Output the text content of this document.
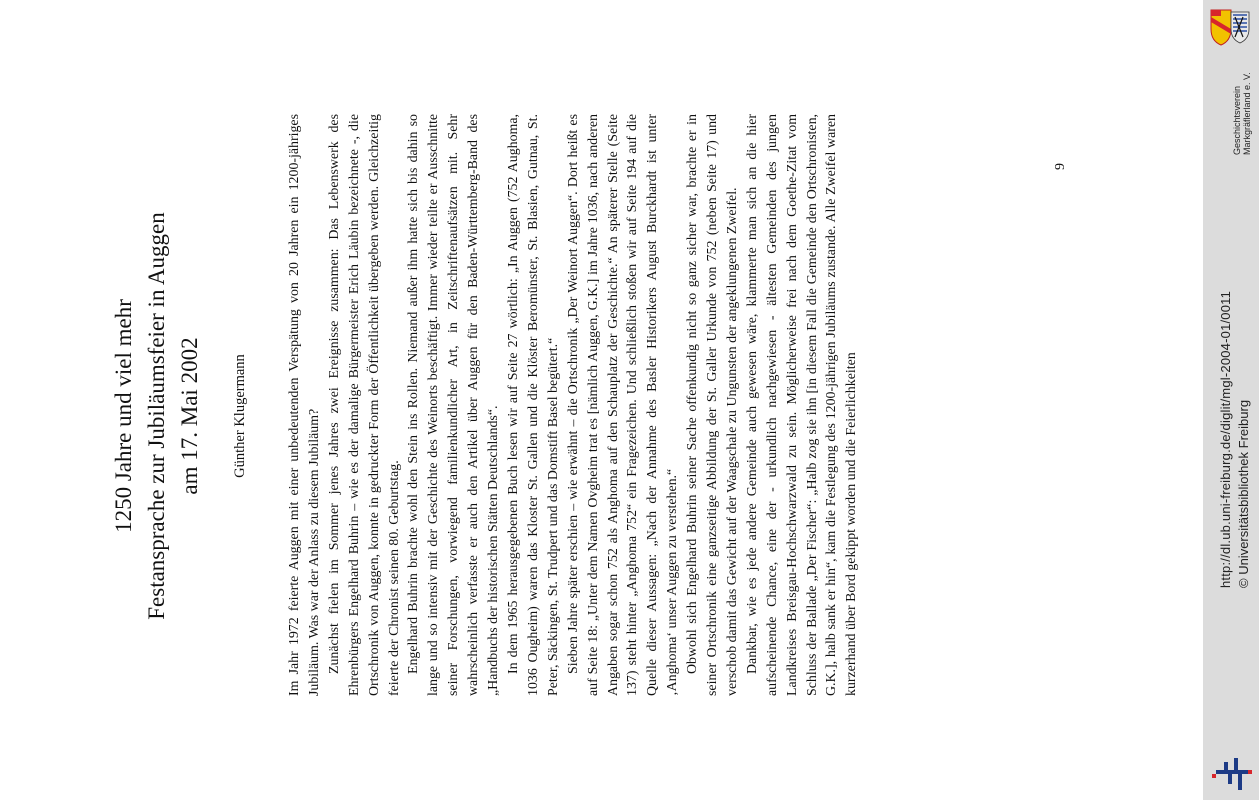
1250 Jahre und viel mehr Festansprache zur Jubiläumsfeier in Auggen am 17. Mai 2002 Günther Klugermann	Im Jahr 1972 feierte Auggen mit einer unbedeutenden Verspätung von 20 Jahren ein 1200-jähriges Jubiläum. Was war der Anlass zu diesem Jubiläum? Zunächst fielen im Sommer jenes Jahres zwei Ereignisse zusammen: Das Lebenswerk des Ehrenbürgers Engelhard Buhrin – wie es der damalige Bürgermeister Erich Läubin bezeichnete -, die Ortschronik von Auggen, konnte in gedruckter Form der Öffentlichkeit übergeben werden. Gleichzeitig feierte der Chronist seinen 80. Geburtstag. Engelhard Buhrin brachte wohl den Stein ins Rollen. Niemand außer ihm hatte sich bis dahin so lange und so intensiv mit der Geschichte des Weinorts beschäftigt. Immer wieder teilte er Ausschnitte seiner Forschungen, vorwiegend familienkundlicher Art, in Zeitschriftenaufsätzen mit. Sehr wahrscheinlich verfasste er auch den Artikel über Auggen für den Baden-Württemberg-Band des „Handbuchs der historischen Stätten Deutschlands“. In dem 1965 herausgegebenen Buch lesen wir auf Seite 27 wörtlich: „In Auggen (752 Aughoma, 1036 Ougheim) waren das Kloster St. Gallen und die Klöster Beromünster, St. Blasien, Gutnau, St. Peter, Säckingen, St. Trudpert und das Domstift Basel begütert.“ Sieben Jahre später erschien – wie erwähnt – die Ortschronik „Der Weinort Auggen“. Dort heißt es auf Seite 18: „Unter dem Namen Ovgheim trat es [nämlich Auggen, G.K.] im Jahre 1036, nach anderen Angaben sogar schon 752 als Anghoma auf den Schauplatz der Geschichte.“ An späterer Stelle (Seite 137) steht hinter „Anghoma 752“ ein Fragezeichen. Und schließlich stoßen wir auf Seite 194 auf die Quelle dieser Aussagen: „Nach der Annahme des Basler Historikers August Burckhardt ist unter ‚Anghoma‘ unser Auggen zu verstehen.“ Obwohl sich Engelhard Buhrin seiner Sache offenkundig nicht so ganz sicher war, brachte er in seiner Ortschronik eine ganzseitige Abbildung der St. Galler Urkunde von 752 (neben Seite 17) und verschob damit das Gewicht auf der Waagschale zu Ungunsten der angeklungenen Zweifel. Dankbar, wie es jede andere Gemeinde auch gewesen wäre, klammerte man sich an die hier aufscheinende Chance, eine der - urkundlich nachgewiesen - ältesten Gemeinden des jungen Landkreises Breisgau-Hochschwarzwald zu sein. Möglicherweise frei nach dem Goethe-Zitat vom Schluss der Ballade „Der Fischer“: „Halb zog sie ihn [in diesem Fall die Gemeinde den Ortschronisten, G.K.], halb sank er hin“, kam die Festlegung des 1200-jährigen Jubiläums zustande. Alle Zweifel waren kurzerhand über Bord gekippt worden und die Feierlichkeiten

9
Geschichtsverein Markgräflerland e. V.
http://dl.ub.uni-freiburg.de/diglit/mgl-2004-01/0011 © Universitätsbibliothek Freiburg
